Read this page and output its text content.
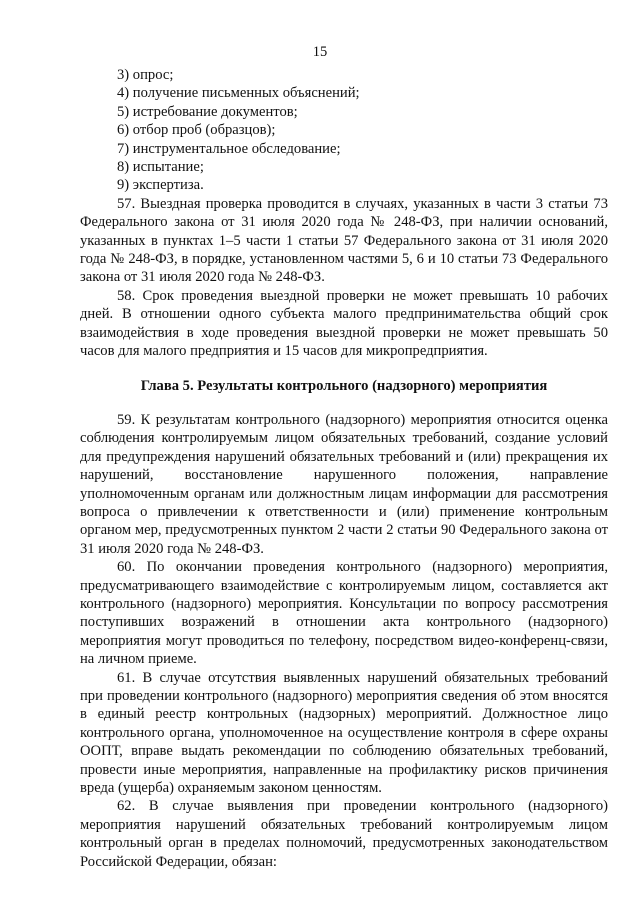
15

3) опрос;

4) получение письменных объяснений;

5) истребование документов;

6) отбор проб (образцов);

7) инструментальное обследование;

8) испытание;

9) экспертиза.

57. Выездная проверка проводится в случаях, указанных в части 3 статьи 73 Федерального закона от 31 июля 2020 года № 248-ФЗ, при наличии оснований, указанных в пунктах 1–5 части 1 статьи 57 Федерального закона от 31 июля 2020 года № 248-ФЗ, в порядке, установленном частями 5, 6 и 10 статьи 73 Федерального закона от 31 июля 2020 года № 248-ФЗ.

58. Срок проведения выездной проверки не может превышать 10 рабочих дней. В отношении одного субъекта малого предпринимательства общий срок взаимодействия в ходе проведения выездной проверки не может превышать 50 часов для малого предприятия и 15 часов для микропредприятия.

Глава 5. Результаты контрольного (надзорного) мероприятия

59. К результатам контрольного (надзорного) мероприятия относится оценка соблюдения контролируемым лицом обязательных требований, создание условий для предупреждения нарушений обязательных требований и (или) прекращения их нарушений, восстановление нарушенного положения, направление уполномоченным органам или должностным лицам информации для рассмотрения вопроса о привлечении к ответственности и (или) применение контрольным органом мер, предусмотренных пунктом 2 части 2 статьи 90 Федерального закона от 31 июля 2020 года № 248-ФЗ.

60. По окончании проведения контрольного (надзорного) мероприятия, предусматривающего взаимодействие с контролируемым лицом, составляется акт контрольного (надзорного) мероприятия. Консультации по вопросу рассмотрения поступивших возражений в отношении акта контрольного (надзорного) мероприятия могут проводиться по телефону, посредством видео-конференц-связи, на личном приеме.

61. В случае отсутствия выявленных нарушений обязательных требований при проведении контрольного (надзорного) мероприятия сведения об этом вносятся в единый реестр контрольных (надзорных) мероприятий. Должностное лицо контрольного органа, уполномоченное на осуществление контроля в сфере охраны ООПТ, вправе выдать рекомендации по соблюдению обязательных требований, провести иные мероприятия, направленные на профилактику рисков причинения вреда (ущерба) охраняемым законом ценностям.

62. В случае выявления при проведении контрольного (надзорного) мероприятия нарушений обязательных требований контролируемым лицом контрольный орган в пределах полномочий, предусмотренных законодательством Российской Федерации, обязан:
